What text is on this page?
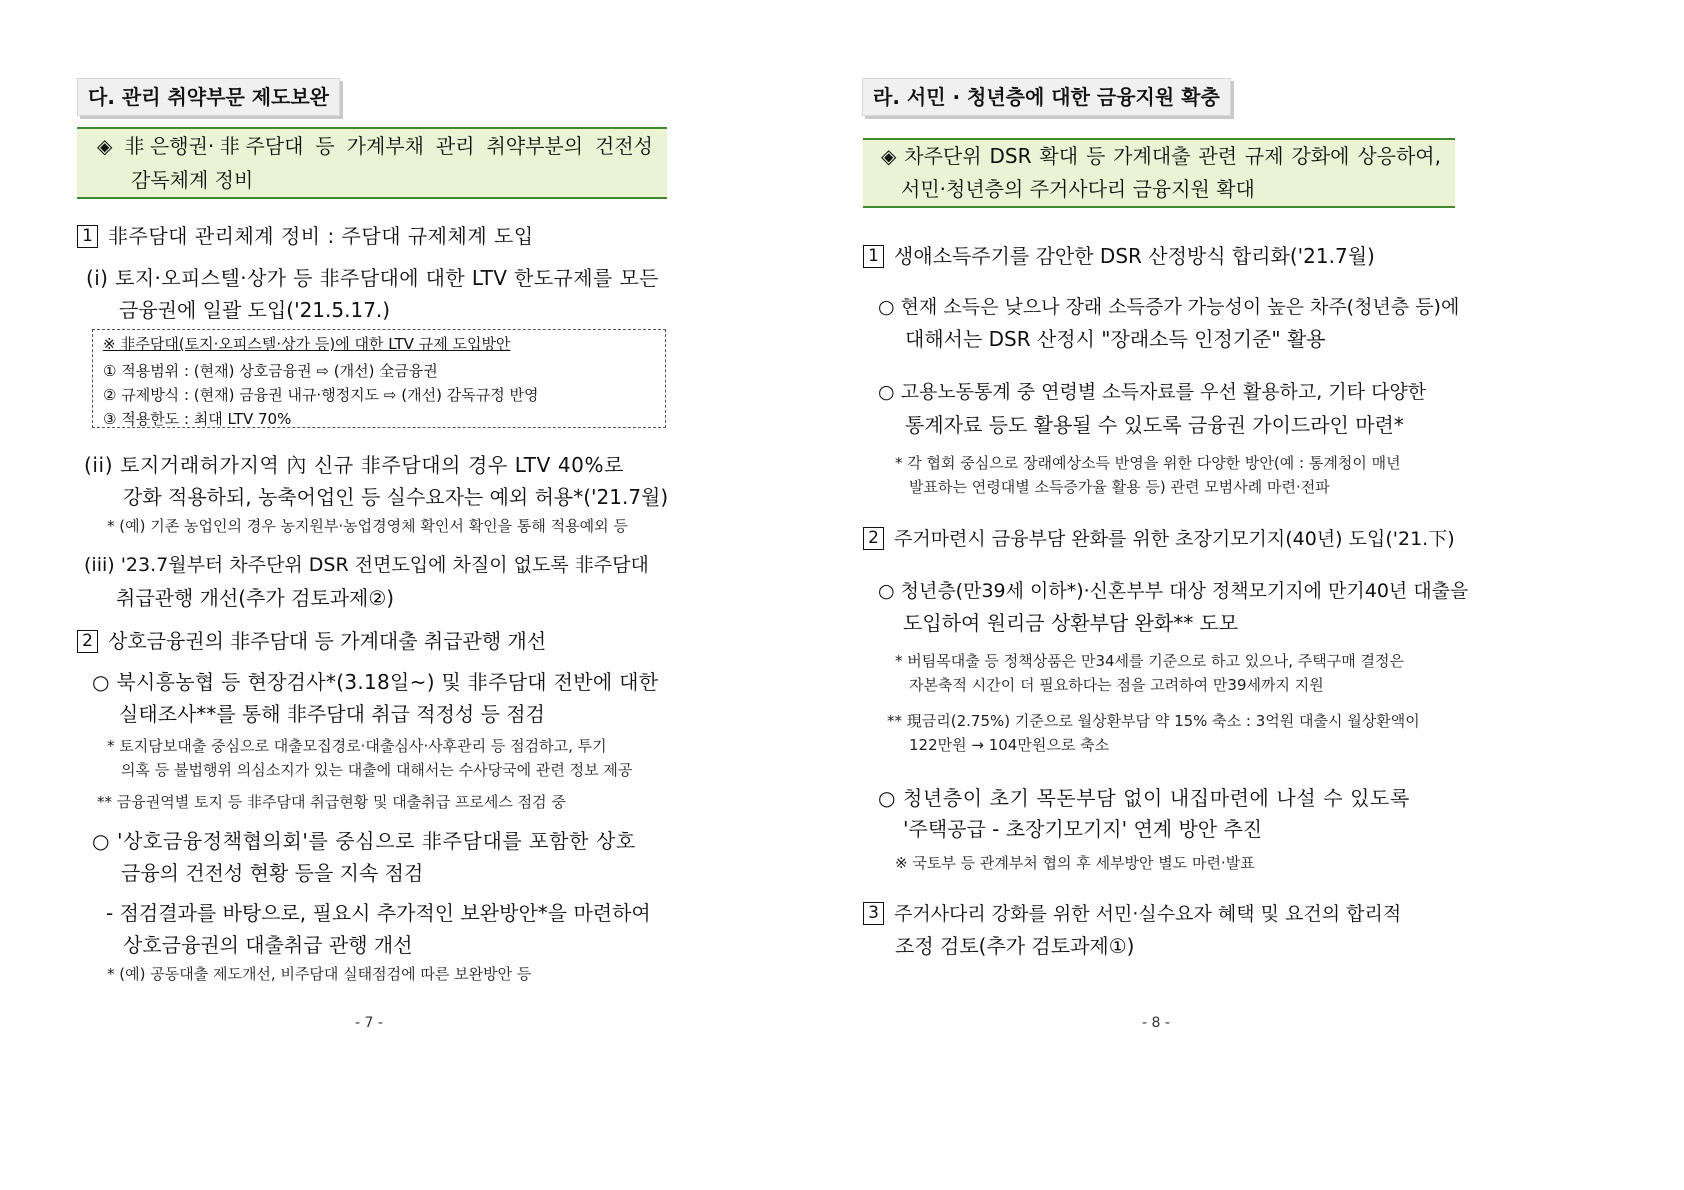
다. 관리 취약부문 제도보완
◈ 非은행권·非주담대 등 가계부채 관리 취약부분의 건전성
감독체계 정비
1 非주담대 관리체계 정비 : 주담대 규제체계 도입
(i) 토지·오피스텔·상가 등 非주담대에 대한 LTV 한도규제를 모든
금융권에 일괄 도입('21.5.17.)
※ 非주담대(토지·오피스텔·상가 등)에 대한 LTV 규제 도입방안
① 적용범위 : (현재) 상호금융권 ⇨ (개선) 全금융권
② 규제방식 : (현재) 금융권 내규·행정지도 ⇨ (개선) 감독규정 반영
③ 적용한도 : 최대 LTV 70%
(ii) 토지거래허가지역 內 신규 非주담대의 경우 LTV 40%로
강화 적용하되, 농축어업인 등 실수요자는 예외 허용*('21.7월)
* (예) 기존 농업인의 경우 농지원부·농업경영체 확인서 확인을 통해 적용예외 등
(iii) '23.7월부터 차주단위 DSR 전면도입에 차질이 없도록 非주담대
취급관행 개선(추가 검토과제②)
2 상호금융권의 非주담대 등 가계대출 취급관행 개선
○ 북시흥농협 등 현장검사*(3.18일~) 및 非주담대 전반에 대한
실태조사**를 통해 非주담대 취급 적정성 등 점검
* 토지담보대출 중심으로 대출모집경로·대출심사·사후관리 등 점검하고, 투기
의혹 등 불법행위 의심소지가 있는 대출에 대해서는 수사당국에 관련 정보 제공
** 금융권역별 토지 등 非주담대 취급현황 및 대출취급 프로세스 점검 중
○ '상호금융정책협의회'를 중심으로 非주담대를 포함한 상호
금융의 건전성 현황 등을 지속 점검
- 점검결과를 바탕으로, 필요시 추가적인 보완방안*을 마련하여
상호금융권의 대출취급 관행 개선
* (예) 공동대출 제도개선, 비주담대 실태점검에 따른 보완방안 등
- 7 -
라. 서민 · 청년층에 대한 금융지원 확충
◈ 차주단위 DSR 확대 등 가계대출 관련 규제 강화에 상응하여,
서민·청년층의 주거사다리 금융지원 확대
1 생애소득주기를 감안한 DSR 산정방식 합리화('21.7월)
○ 현재 소득은 낮으나 장래 소득증가 가능성이 높은 차주(청년층 등)에
대해서는 DSR 산정시 "장래소득 인정기준" 활용
○ 고용노동통계 중 연령별 소득자료를 우선 활용하고, 기타 다양한
통계자료 등도 활용될 수 있도록 금융권 가이드라인 마련*
* 각 협회 중심으로 장래예상소득 반영을 위한 다양한 방안(예 : 통계청이 매년
발표하는 연령대별 소득증가율 활용 등) 관련 모범사례 마련·전파
2 주거마련시 금융부담 완화를 위한 초장기모기지(40년) 도입('21.下)
○ 청년층(만39세 이하*)·신혼부부 대상 정책모기지에 만기40년 대출을
도입하여 원리금 상환부담 완화** 도모
* 버팀목대출 등 정책상품은 만34세를 기준으로 하고 있으나, 주택구매 결정은
자본축적 시간이 더 필요하다는 점을 고려하여 만39세까지 지원
** 現금리(2.75%) 기준으로 월상환부담 약 15% 축소 : 3억원 대출시 월상환액이
122만원 → 104만원으로 축소
○ 청년층이 초기 목돈부담 없이 내집마련에 나설 수 있도록
'주택공급 - 초장기모기지' 연계 방안 추진
※ 국토부 등 관계부처 협의 후 세부방안 별도 마련·발표
3 주거사다리 강화를 위한 서민·실수요자 혜택 및 요건의 합리적
조정 검토(추가 검토과제①)
- 8 -
